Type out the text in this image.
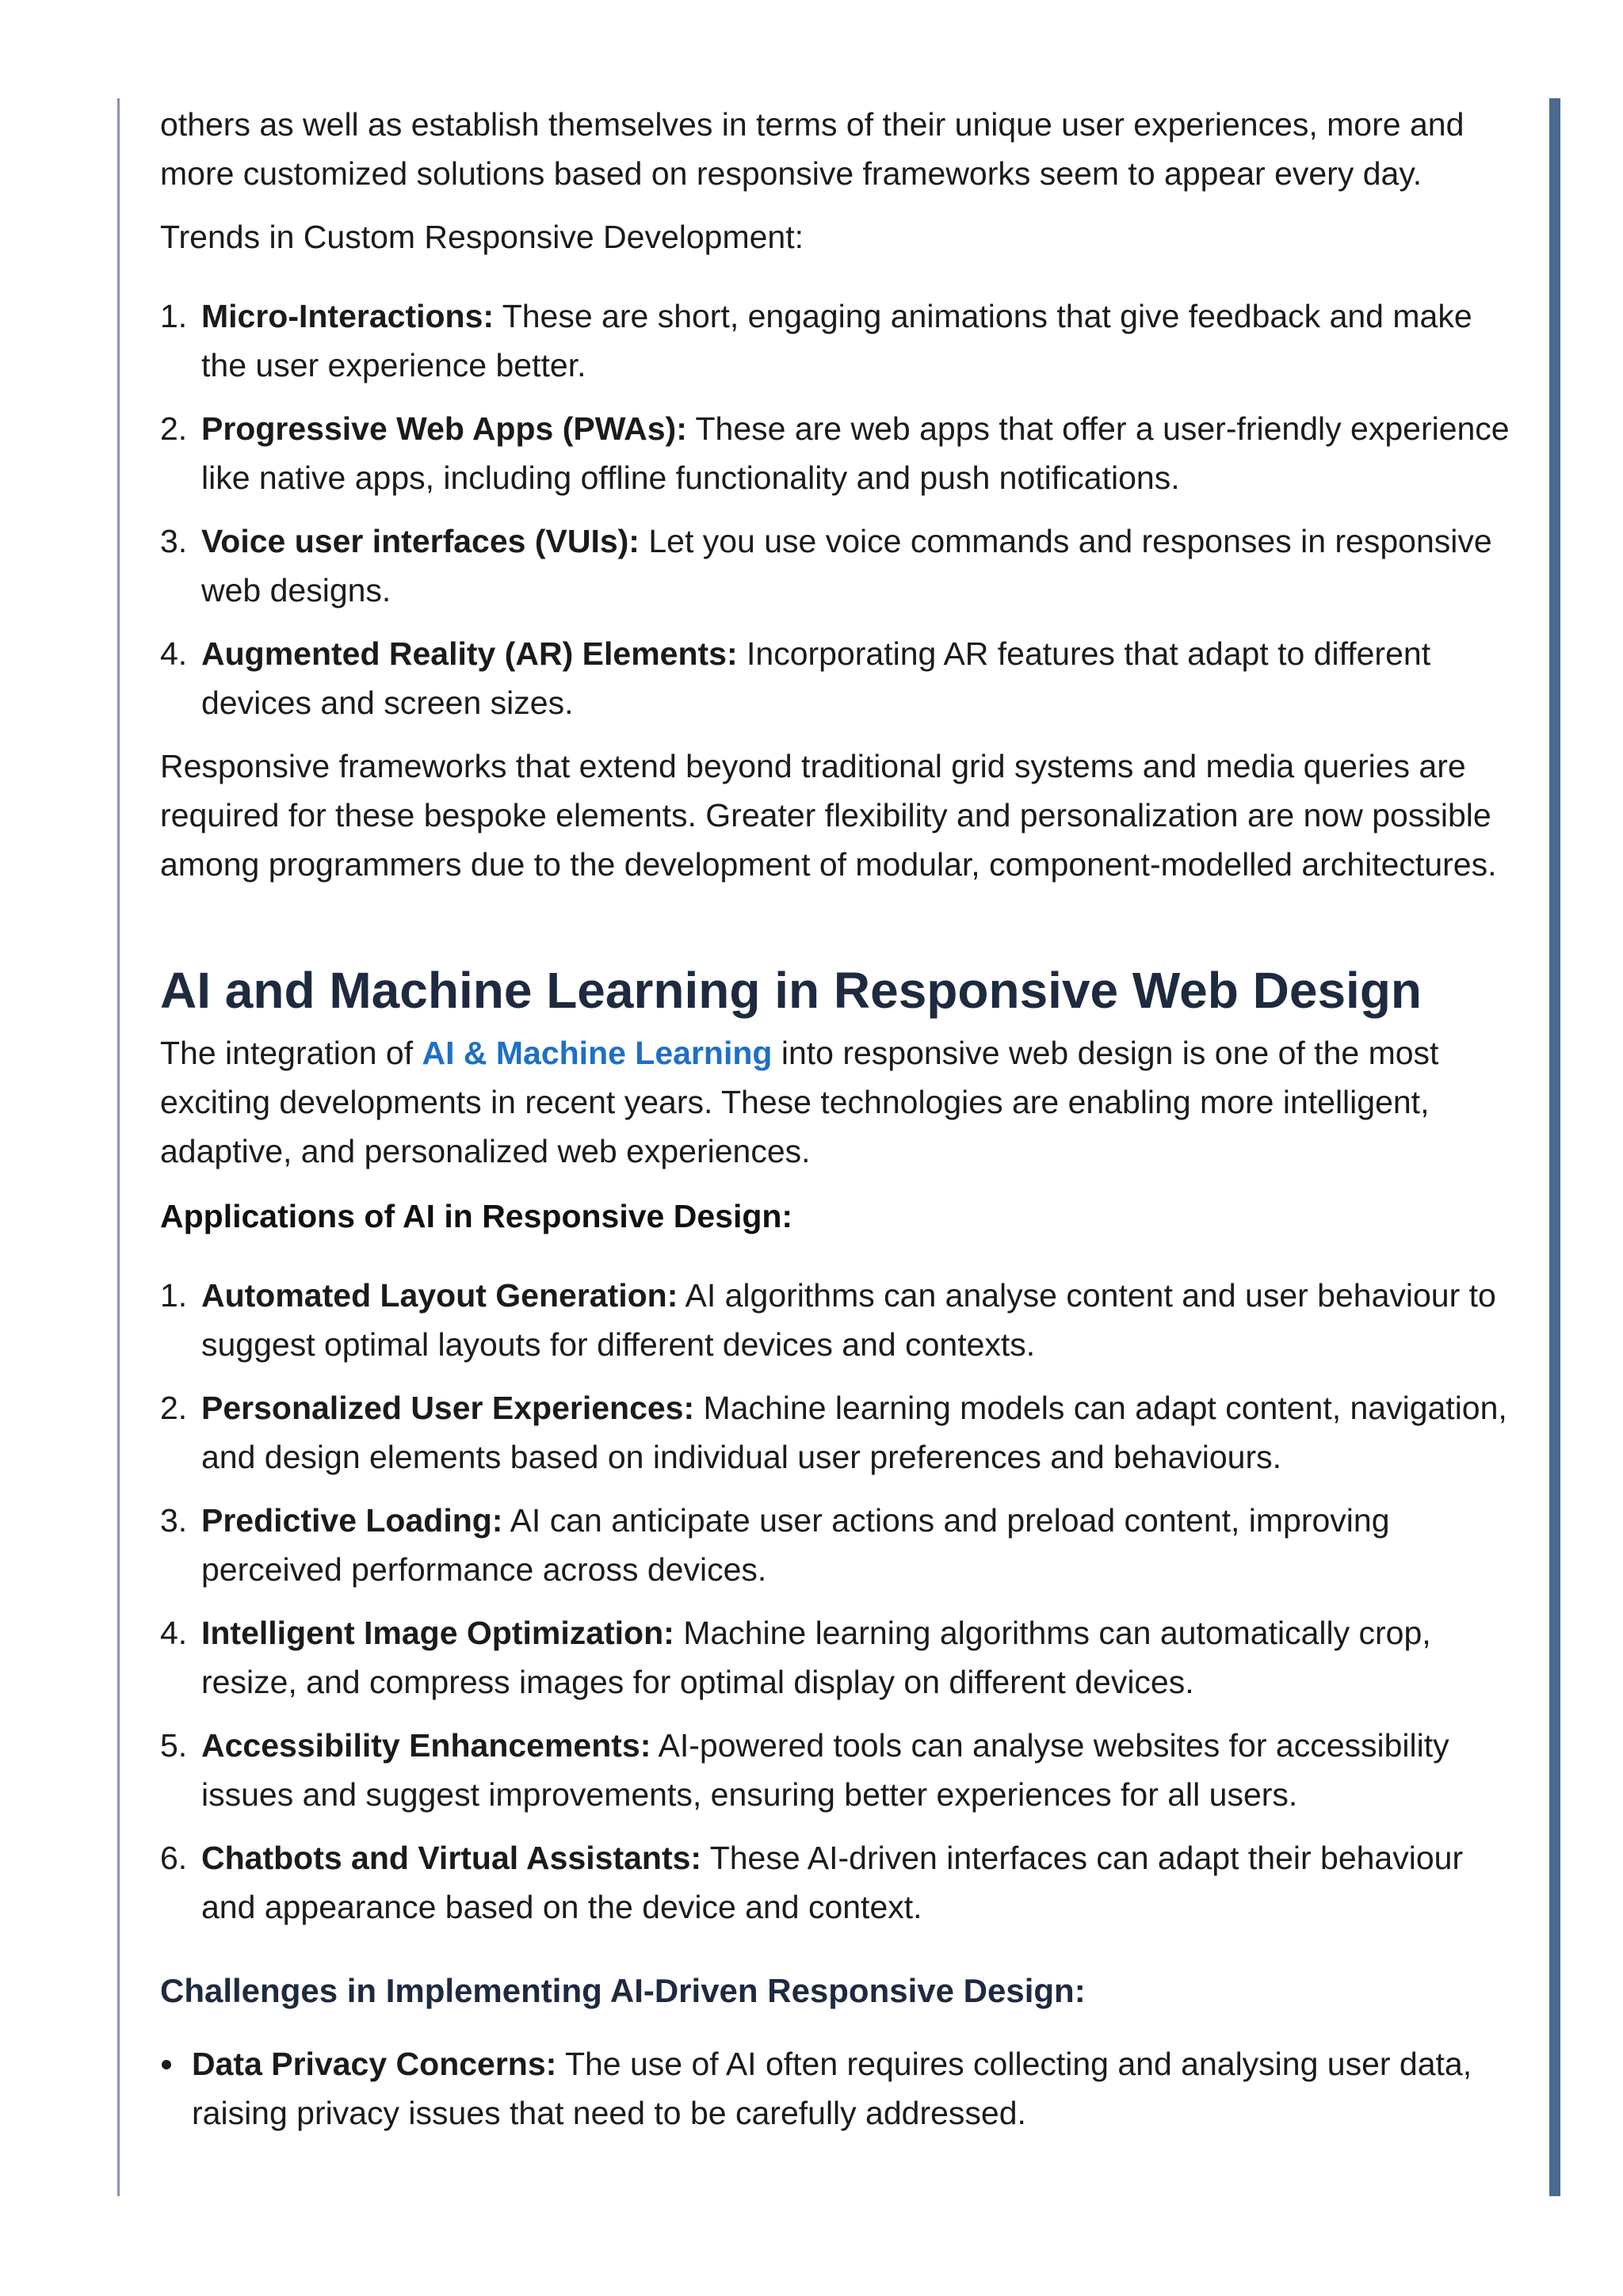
others as well as establish themselves in terms of their unique user experiences, more and
more customized solutions based on responsive frameworks seem to appear every day.

Trends in Custom Responsive Development:

1. Micro-Interactions: These are short, engaging animations that give feedback and make the user experience better.
2. Progressive Web Apps (PWAs): These are web apps that offer a user-friendly experience like native apps, including offline functionality and push notifications.
3. Voice user interfaces (VUIs): Let you use voice commands and responses in responsive web designs.
4. Augmented Reality (AR) Elements: Incorporating AR features that adapt to different devices and screen sizes.

Responsive frameworks that extend beyond traditional grid systems and media queries are required for these bespoke elements. Greater flexibility and personalization are now possible among programmers due to the development of modular, component-modelled architectures.

AI and Machine Learning in Responsive Web Design

The integration of AI & Machine Learning into responsive web design is one of the most exciting developments in recent years. These technologies are enabling more intelligent, adaptive, and personalized web experiences.

Applications of AI in Responsive Design:
1. Automated Layout Generation: AI algorithms can analyse content and user behaviour to suggest optimal layouts for different devices and contexts.
2. Personalized User Experiences: Machine learning models can adapt content, navigation, and design elements based on individual user preferences and behaviours.
3. Predictive Loading: AI can anticipate user actions and preload content, improving perceived performance across devices.
4. Intelligent Image Optimization: Machine learning algorithms can automatically crop, resize, and compress images for optimal display on different devices.
5. Accessibility Enhancements: AI-powered tools can analyse websites for accessibility issues and suggest improvements, ensuring better experiences for all users.
6. Chatbots and Virtual Assistants: These AI-driven interfaces can adapt their behaviour and appearance based on the device and context.
Challenges in Implementing AI-Driven Responsive Design:
Data Privacy Concerns: The use of AI often requires collecting and analysing user data, raising privacy issues that need to be carefully addressed.
